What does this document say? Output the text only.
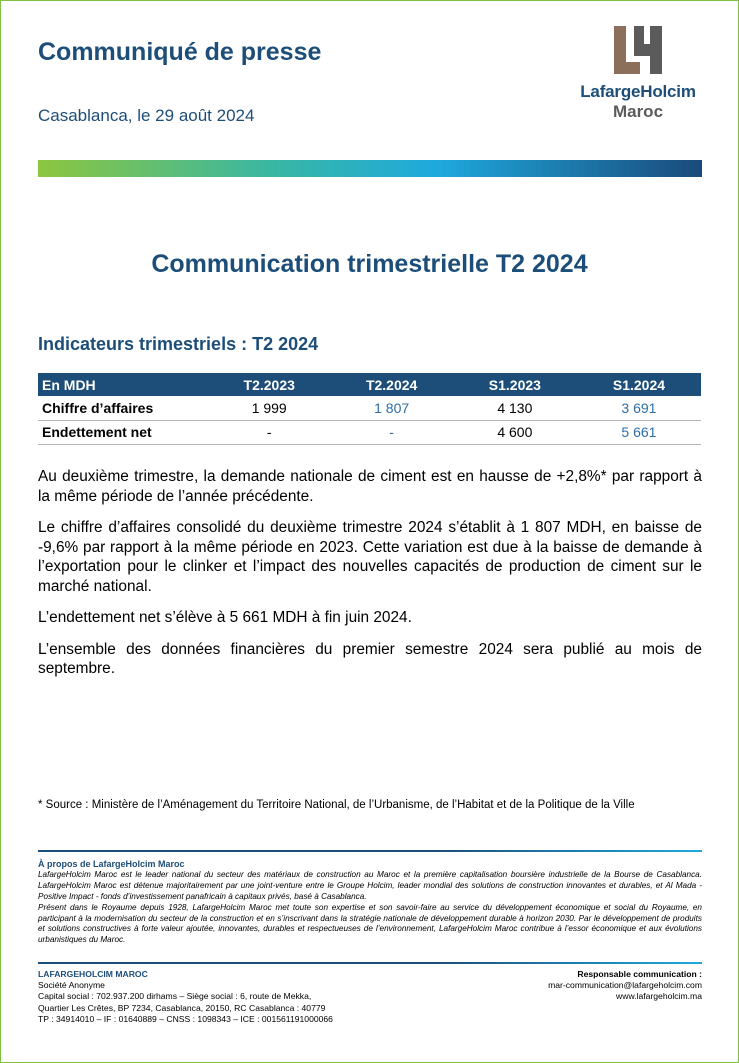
Communiqué de presse
Casablanca, le 29 août 2024
LafargeHolcim
Maroc
Communication trimestrielle T2 2024
Indicateurs trimestriels : T2 2024
En MDH	T2.2023	T2.2024	S1.2023	S1.2024
Chiffre d’affaires	1 999	1 807	4 130	3 691
Endettement net	-	-	4 600	5 661

Au deuxième trimestre, la demande nationale de ciment est en hausse de +2,8%* par rapport à la même période de l’année précédente.

Le chiffre d’affaires consolidé du deuxième trimestre 2024 s’établit à 1 807 MDH, en baisse de -9,6% par rapport à la même période en 2023. Cette variation est due à la baisse de demande à l’exportation pour le clinker et l’impact des nouvelles capacités de production de ciment sur le marché national.

L’endettement net s’élève à 5 661 MDH à fin juin 2024.

L’ensemble des données financières du premier semestre 2024 sera publié au mois de septembre.

* Source : Ministère de l’Aménagement du Territoire National, de l’Urbanisme, de l’Habitat et de la Politique de la Ville
À propos de LafargeHolcim Maroc

LafargeHolcim Maroc est le leader national du secteur des matériaux de construction au Maroc et la première capitalisation boursière industrielle de la Bourse de Casablanca. LafargeHolcim Maroc est détenue majoritairement par une joint-venture entre le Groupe Holcim, leader mondial des solutions de construction innovantes et durables, et Al Mada - Positive Impact - fonds d’investissement panafricain à capitaux privés, basé à Casablanca.

Présent dans le Royaume depuis 1928, LafargeHolcim Maroc met toute son expertise et son savoir-faire au service du développement économique et social du Royaume, en participant à la modernisation du secteur de la construction et en s’inscrivant dans la stratégie nationale de développement durable à horizon 2030. Par le développement de produits et solutions constructives à forte valeur ajoutée, innovantes, durables et respectueuses de l’environnement, LafargeHolcim Maroc contribue à l’essor économique et aux évolutions urbanistiques du Maroc.

LAFARGEHOLCIM MAROC
Société Anonyme
Capital social : 702.937.200 dirhams – Siège social : 6, route de Mekka,
Quartier Les Crêtes, BP 7234, Casablanca, 20150, RC Casablanca : 40779
TP : 34914010 – IF : 01640889 – CNSS : 1098343 – ICE : 001561191000066
Responsable communication :
mar-communication@lafargeholcim.com
www.lafargeholcim.ma
